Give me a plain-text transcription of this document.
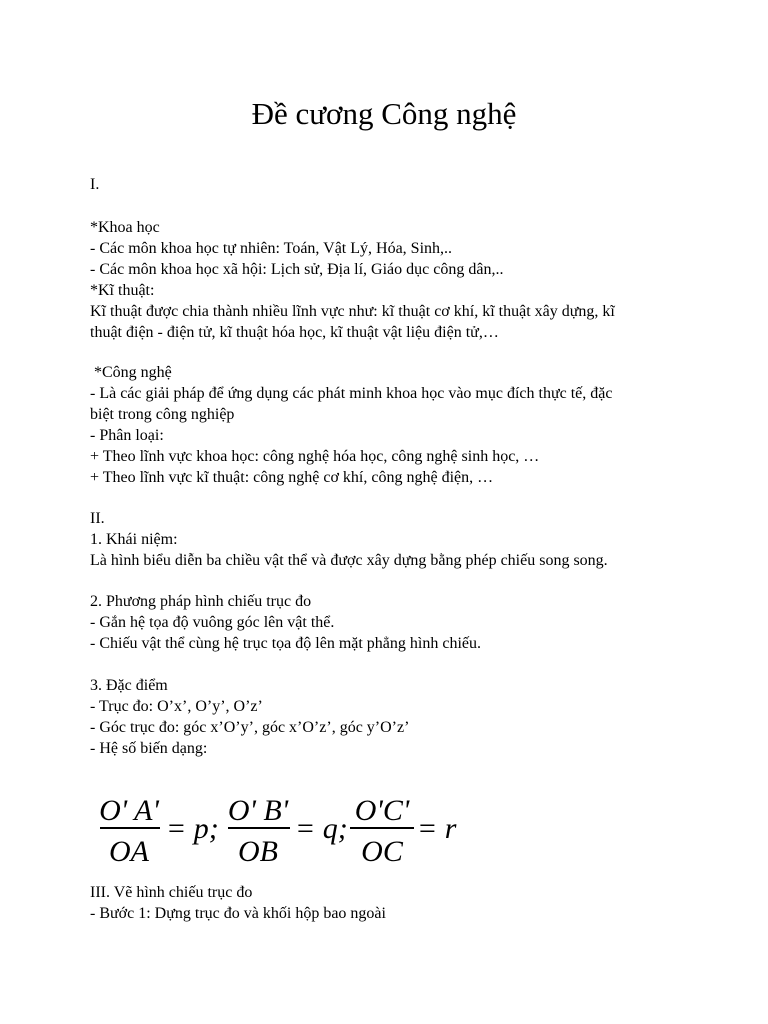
Đề cương Công nghệ
I.
*Khoa học
- Các môn khoa học tự nhiên: Toán, Vật Lý, Hóa, Sinh,..
- Các môn khoa học xã hội: Lịch sử, Địa lí, Giáo dục công dân,..
*Kĩ thuật:
Kĩ thuật được chia thành nhiều lĩnh vực như: kĩ thuật cơ khí, kĩ thuật xây dựng, kĩ
thuật điện - điện tử, kĩ thuật hóa học, kĩ thuật vật liệu điện tử,…
*Công nghệ
- Là các giải pháp để ứng dụng các phát minh khoa học vào mục đích thực tế, đặc
biệt trong công nghiệp
- Phân loại:
+ Theo lĩnh vực khoa học: công nghệ hóa học, công nghệ sinh học, …
+ Theo lĩnh vực kĩ thuật: công nghệ cơ khí, công nghệ điện, …
II.
1. Khái niệm:
Là hình biểu diễn ba chiều vật thể và được xây dựng bằng phép chiếu song song.
2. Phương pháp hình chiếu trục đo
- Gắn hệ tọa độ vuông góc lên vật thể.
- Chiếu vật thể cùng hệ trục tọa độ lên mặt phẳng hình chiếu.
3. Đặc điểm
- Trục đo: O’x’, O’y’, O’z’
- Góc trục đo: góc x’O’y’, góc x’O’z’, góc y’O’z’
- Hệ số biến dạng:
O' A'
OA
= p;
O' B'
OB
= q;
O'C'
OC
= r
III. Vẽ hình chiếu trục đo
- Bước 1: Dựng trục đo và khối hộp bao ngoài
